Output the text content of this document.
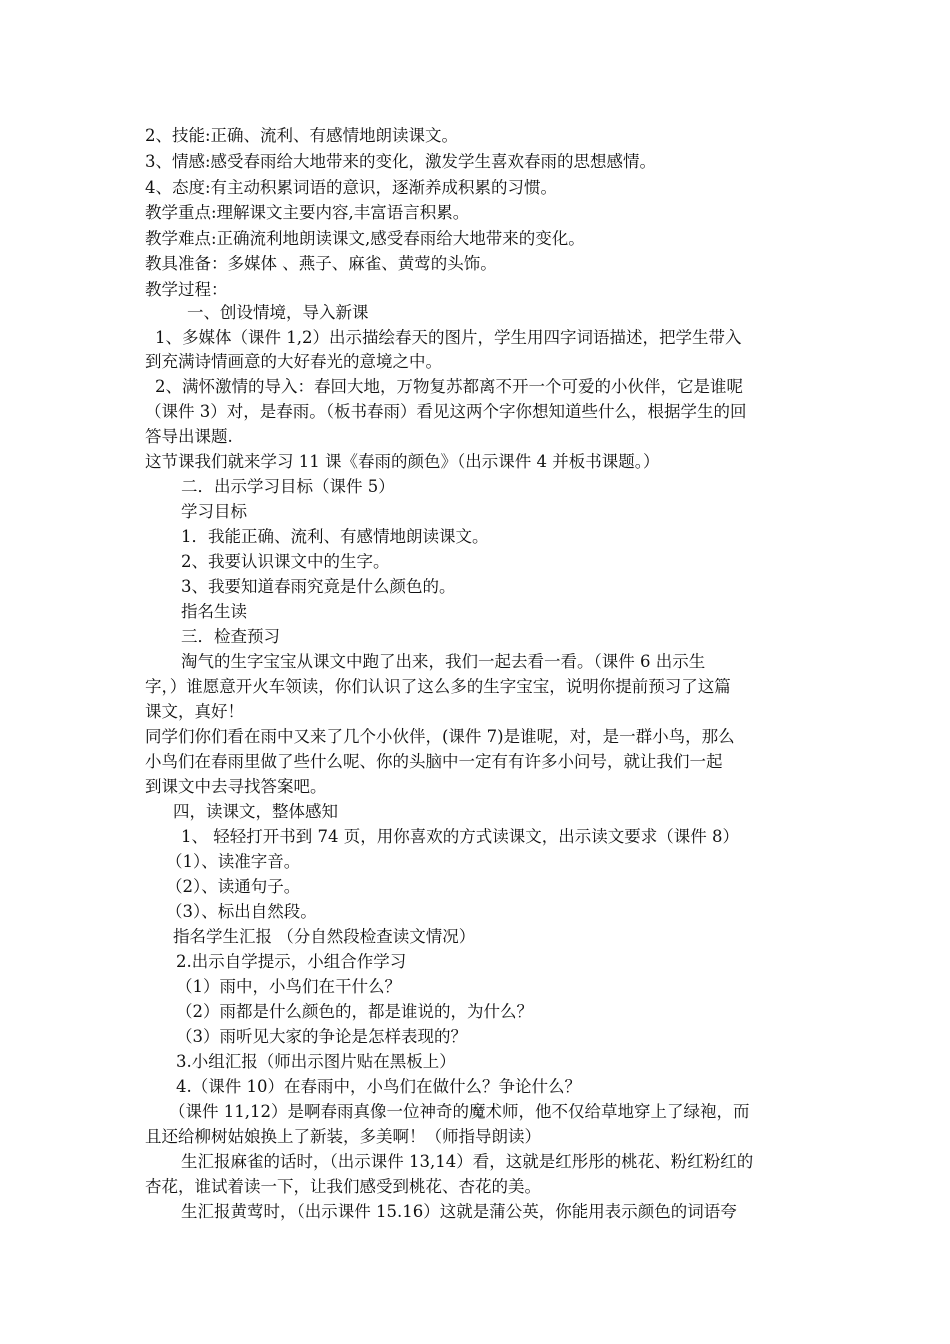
2、技能:正确、流利、有感情地朗读课文。
3、情感:感受春雨给大地带来的变化，激发学生喜欢春雨的思想感情。
4、态度:有主动积累词语的意识，逐渐养成积累的习惯。
教学重点:理解课文主要内容,丰富语言积累。
教学难点:正确流利地朗读课文,感受春雨给大地带来的变化。
教具准备：多媒体 、燕子、麻雀、黄莺的头饰。
教学过程：
一、创设情境，导入新课
1、多媒体（课件 1,2）出示描绘春天的图片，学生用四字词语描述，把学生带入
到充满诗情画意的大好春光的意境之中。
2、满怀激情的导入：春回大地，万物复苏都离不开一个可爱的小伙伴，它是谁呢
（课件 3）对，是春雨。（板书春雨）看见这两个字你想知道些什么，根据学生的回
答导出课题.
这节课我们就来学习 11 课《春雨的颜色》（出示课件 4 并板书课题。）
二．出示学习目标（课件 5）
学习目标
1．我能正确、流利、有感情地朗读课文。
2、我要认识课文中的生字。
3、我要知道春雨究竟是什么颜色的。
指名生读
三．检查预习
淘气的生字宝宝从课文中跑了出来，我们一起去看一看。（课件 6 出示生
字，）谁愿意开火车领读，你们认识了这么多的生字宝宝，说明你提前预习了这篇
课文，真好！
同学们你们看在雨中又来了几个小伙伴，(课件 7)是谁呢，对，是一群小鸟，那么
小鸟们在春雨里做了些什么呢、你的头脑中一定有有许多小问号，就让我们一起
到课文中去寻找答案吧。
四，读课文，整体感知
1、 轻轻打开书到 74 页，用你喜欢的方式读课文，出示读文要求（课件 8）
（1）、读准字音。
（2）、读通句子。
（3）、标出自然段。
指名学生汇报 （分自然段检查读文情况）
2.出示自学提示，小组合作学习
（1）雨中，小鸟们在干什么？
（2）雨都是什么颜色的，都是谁说的，为什么？
（3）雨听见大家的争论是怎样表现的？
3.小组汇报（师出示图片贴在黑板上）
4.（课件 10）在春雨中，小鸟们在做什么？争论什么？
（课件 11,12）是啊春雨真像一位神奇的魔术师，他不仅给草地穿上了绿袍，而
且还给柳树姑娘换上了新装，多美啊！（师指导朗读）
生汇报麻雀的话时，（出示课件 13,14）看，这就是红彤彤的桃花、粉红粉红的
杏花，谁试着读一下，让我们感受到桃花、杏花的美。
生汇报黄莺时，（出示课件 15.16）这就是蒲公英，你能用表示颜色的词语夸
